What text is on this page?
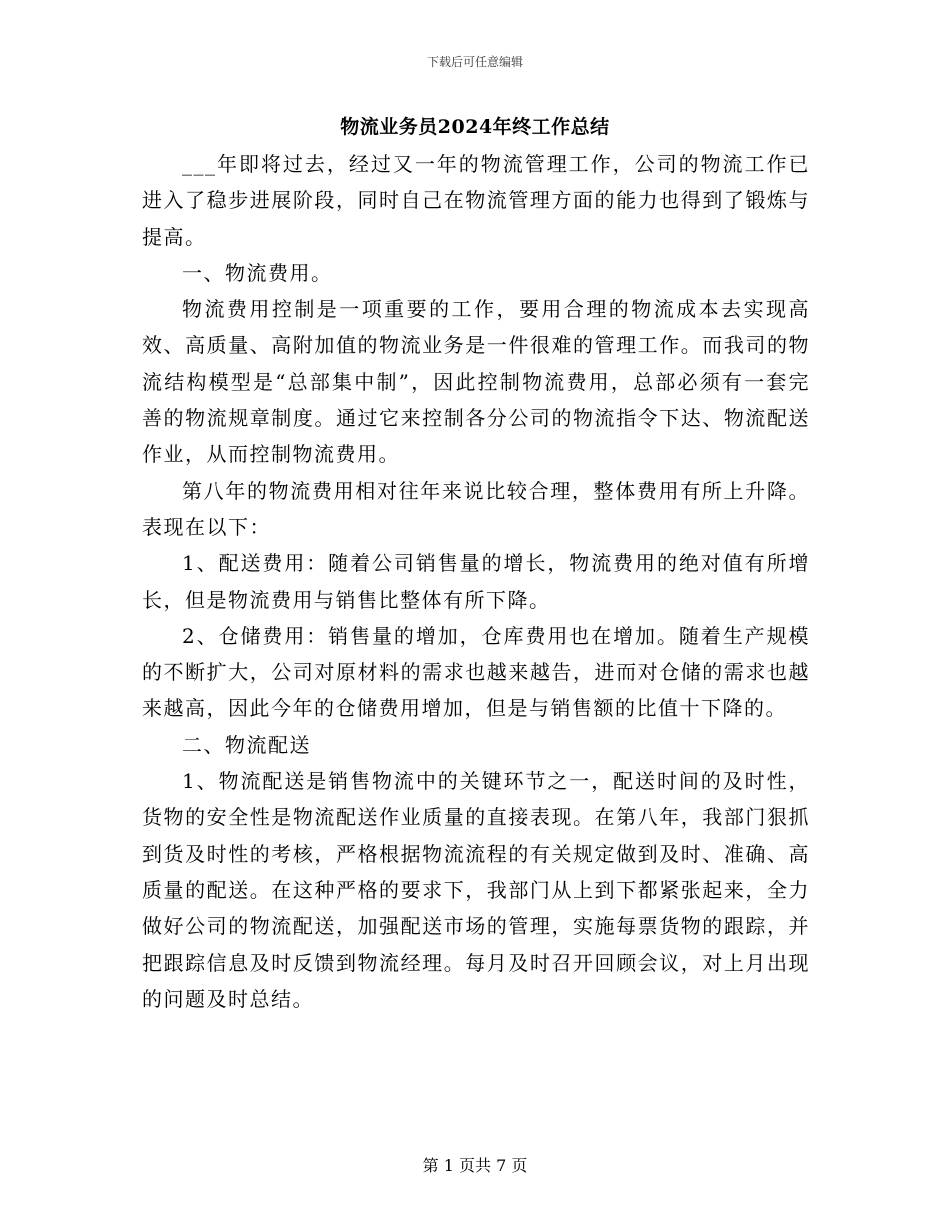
下载后可任意编辑
物流业务员2024年终工作总结

___年即将过去，经过又一年的物流管理工作，公司的物流工作已进入了稳步进展阶段，同时自己在物流管理方面的能力也得到了锻炼与提高。

一、物流费用。

物流费用控制是一项重要的工作，要用合理的物流成本去实现高效、高质量、高附加值的物流业务是一件很难的管理工作。而我司的物流结构模型是“总部集中制”，因此控制物流费用，总部必须有一套完善的物流规章制度。通过它来控制各分公司的物流指令下达、物流配送作业，从而控制物流费用。

第八年的物流费用相对往年来说比较合理，整体费用有所上升降。表现在以下：

1、配送费用：随着公司销售量的增长，物流费用的绝对值有所增长，但是物流费用与销售比整体有所下降。

2、仓储费用：销售量的增加，仓库费用也在增加。随着生产规模的不断扩大，公司对原材料的需求也越来越告，进而对仓储的需求也越来越高，因此今年的仓储费用增加，但是与销售额的比值十下降的。

二、物流配送

1、物流配送是销售物流中的关键环节之一，配送时间的及时性，货物的安全性是物流配送作业质量的直接表现。在第八年，我部门狠抓到货及时性的考核，严格根据物流流程的有关规定做到及时、准确、高质量的配送。在这种严格的要求下，我部门从上到下都紧张起来，全力做好公司的物流配送，加强配送市场的管理，实施每票货物的跟踪，并把跟踪信息及时反馈到物流经理。每月及时召开回顾会议，对上月出现的问题及时总结。

第 1 页共 7 页
